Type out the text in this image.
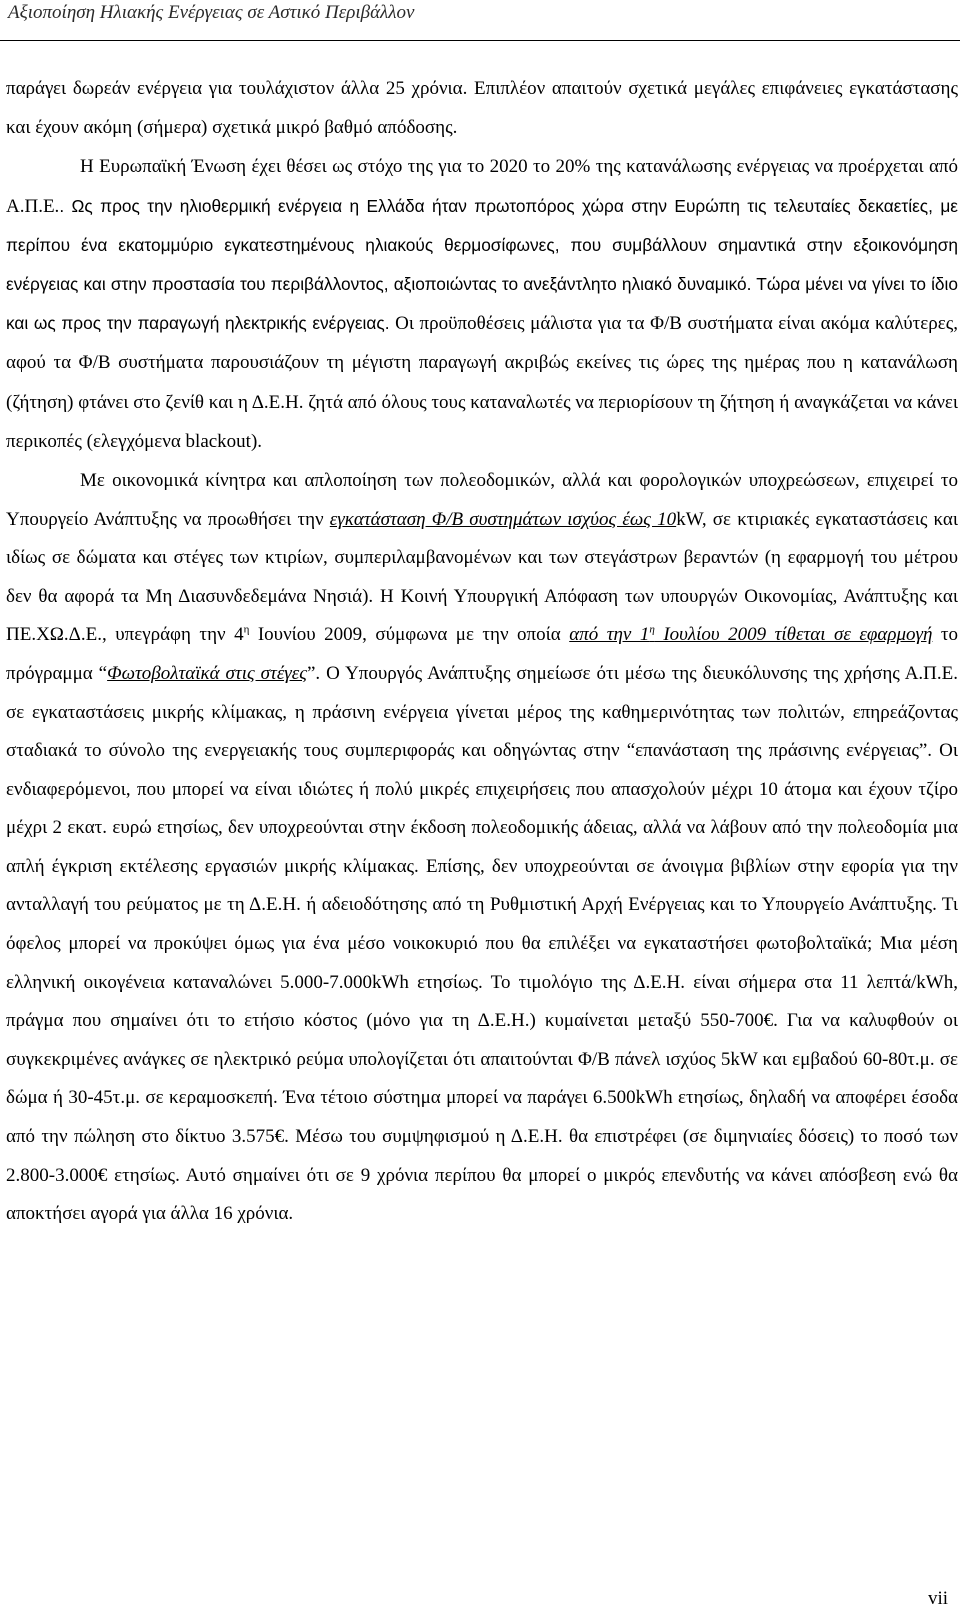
Αξιοποίηση Ηλιακής Ενέργειας σε Αστικό Περιβάλλον

παράγει δωρεάν ενέργεια για τουλάχιστον άλλα 25 χρόνια. Επιπλέον απαιτούν σχετικά μεγάλες επιφάνειες εγκατάστασης και έχουν ακόμη (σήμερα) σχετικά μικρό βαθμό απόδοσης.

Η Ευρωπαϊκή Ένωση έχει θέσει ως στόχο της για το 2020 το 20% της κατανάλωσης ενέργειας να προέρχεται από Α.Π.Ε.. Ως προς την ηλιοθερμική ενέργεια η Ελλάδα ήταν πρωτοπόρος χώρα στην Ευρώπη τις τελευταίες δεκαετίες, με περίπου ένα εκατομμύριο εγκατεστημένους ηλιακούς θερμοσίφωνες, που συμβάλλουν σημαντικά στην εξοικονόμηση ενέργειας και στην προστασία του περιβάλλοντος, αξιοποιώντας το ανεξάντλητο ηλιακό δυναμικό. Τώρα μένει να γίνει το ίδιο και ως προς την παραγωγή ηλεκτρικής ενέργειας. Οι προϋποθέσεις μάλιστα για τα Φ/Β συστήματα είναι ακόμα καλύτερες, αφού τα Φ/Β συστήματα παρουσιάζουν τη μέγιστη παραγωγή ακριβώς εκείνες τις ώρες της ημέρας που η κατανάλωση (ζήτηση) φτάνει στο ζενίθ και η Δ.Ε.Η. ζητά από όλους τους καταναλωτές να περιορίσουν τη ζήτηση ή αναγκάζεται να κάνει περικοπές (ελεγχόμενα blackout).

Με οικονομικά κίνητρα και απλοποίηση των πολεοδομικών, αλλά και φορολογικών υποχρεώσεων, επιχειρεί το Υπουργείο Ανάπτυξης να προωθήσει την εγκατάσταση Φ/Β συστημάτων ισχύος έως 10kW, σε κτιριακές εγκαταστάσεις και ιδίως σε δώματα και στέγες των κτιρίων, συμπεριλαμβανομένων και των στεγάστρων βεραντών (η εφαρμογή του μέτρου δεν θα αφορά τα Μη Διασυνδεδεμάνα Νησιά). Η Κοινή Υπουργική Απόφαση των υπουργών Οικονομίας, Ανάπτυξης και ΠΕ.ΧΩ.Δ.Ε., υπεγράφη την $4^\eta$ Ιουνίου 2009, σύμφωνα με την οποία από την $1^\eta$ Ιουλίου 2009 τίθεται σε εφαρμογή το πρόγραμμα “Φωτοβολταϊκά στις στέγες”. Ο Υπουργός Ανάπτυξης σημείωσε ότι μέσω της διευκόλυνσης της χρήσης Α.Π.Ε. σε εγκαταστάσεις μικρής κλίμακας, η πράσινη ενέργεια γίνεται μέρος της καθημερινότητας των πολιτών, επηρεάζοντας σταδιακά το σύνολο της ενεργειακής τους συμπεριφοράς και οδηγώντας στην “επανάσταση της πράσινης ενέργειας”. Οι ενδιαφερόμενοι, που μπορεί να είναι ιδιώτες ή πολύ μικρές επιχειρήσεις που απασχολούν μέχρι 10 άτομα και έχουν τζίρο μέχρι 2 εκατ. ευρώ ετησίως, δεν υποχρεούνται στην έκδοση πολεοδομικής άδειας, αλλά να λάβουν από την πολεοδομία μια απλή έγκριση εκτέλεσης εργασιών μικρής κλίμακας. Επίσης, δεν υποχρεούνται σε άνοιγμα βιβλίων στην εφορία για την ανταλλαγή του ρεύματος με τη Δ.Ε.Η. ή αδειοδότησης από τη Ρυθμιστική Αρχή Ενέργειας και το Υπουργείο Ανάπτυξης. Τι όφελος μπορεί να προκύψει όμως για ένα μέσο νοικοκυριό που θα επιλέξει να εγκαταστήσει φωτοβολταϊκά; Μια μέση ελληνική οικογένεια καταναλώνει 5.000-7.000kWh ετησίως. Το τιμολόγιο της Δ.Ε.Η. είναι σήμερα στα 11 λεπτά/kWh, πράγμα που σημαίνει ότι το ετήσιο κόστος (μόνο για τη Δ.Ε.Η.) κυμαίνεται μεταξύ 550-700€. Για να καλυφθούν οι συγκεκριμένες ανάγκες σε ηλεκτρικό ρεύμα υπολογίζεται ότι απαιτούνται Φ/Β πάνελ ισχύος 5kW και εμβαδού 60-80τ.μ. σε δώμα ή 30-45τ.μ. σε κεραμοσκεπή. Ένα τέτοιο σύστημα μπορεί να παράγει 6.500kWh ετησίως, δηλαδή να αποφέρει έσοδα από την πώληση στο δίκτυο 3.575€. Μέσω του συμψηφισμού η Δ.Ε.Η. θα επιστρέφει (σε διμηνιαίες δόσεις) το ποσό των 2.800-3.000€ ετησίως. Αυτό σημαίνει ότι σε 9 χρόνια περίπου θα μπορεί ο μικρός επενδυτής να κάνει απόσβεση ενώ θα αποκτήσει αγορά για άλλα 16 χρόνια.

vii
